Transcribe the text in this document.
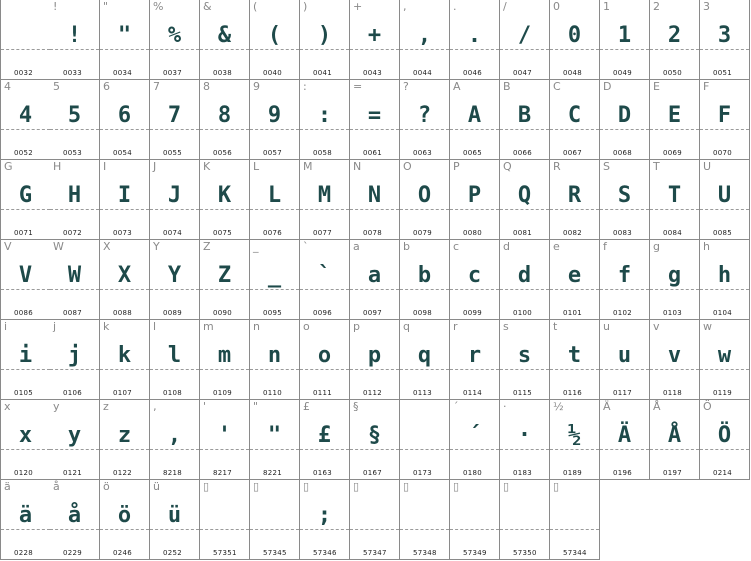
0032
!
!
0033
"
"
0034
%
%
0037
&
&
0038
(
(
0040
)
)
0041
+
+
0043
,
,
0044
.
.
0046
/
/
0047
0
0
0048
1
1
0049
2
2
0050
3
3
0051
4
4
0052
5
5
0053
6
6
0054
7
7
0055
8
8
0056
9
9
0057
:
:
0058
=
=
0061
?
?
0063
A
A
0065
B
B
0066
C
C
0067
D
D
0068
E
E
0069
F
F
0070
G
G
0071
H
H
0072
I
I
0073
J
J
0074
K
K
0075
L
L
0076
M
M
0077
N
N
0078
O
O
0079
P
P
0080
Q
Q
0081
R
R
0082
S
S
0083
T
T
0084
U
U
0085
V
V
0086
W
W
0087
X
X
0088
Y
Y
0089
Z
Z
0090
_
_
0095
`
`
0096
a
a
0097
b
b
0098
c
c
0099
d
d
0100
e
e
0101
f
f
0102
g
g
0103
h
h
0104
i
i
0105
j
j
0106
k
k
0107
l
l
0108
m
m
0109
n
n
0110
o
o
0111
p
p
0112
q
q
0113
r
r
0114
s
s
0115
t
t
0116
u
u
0117
v
v
0118
w
w
0119
x
x
0120
y
y
0121
z
z
0122
‚
‚
8218
'
'
8217
"
"
8221
£
£
0163
§
§
0167	0173
´
´
0180
·
·
0183
½
½
0189
Ä
Ä
0196
Å
Å
0197
Ö
Ö
0214
ä
ä
0228
å
å
0229
ö
ö
0246
ü
ü
0252
▯
57351
▯
57345
▯
;
57346
▯
57347
▯
57348
▯
57349
▯
57350
▯
57344
